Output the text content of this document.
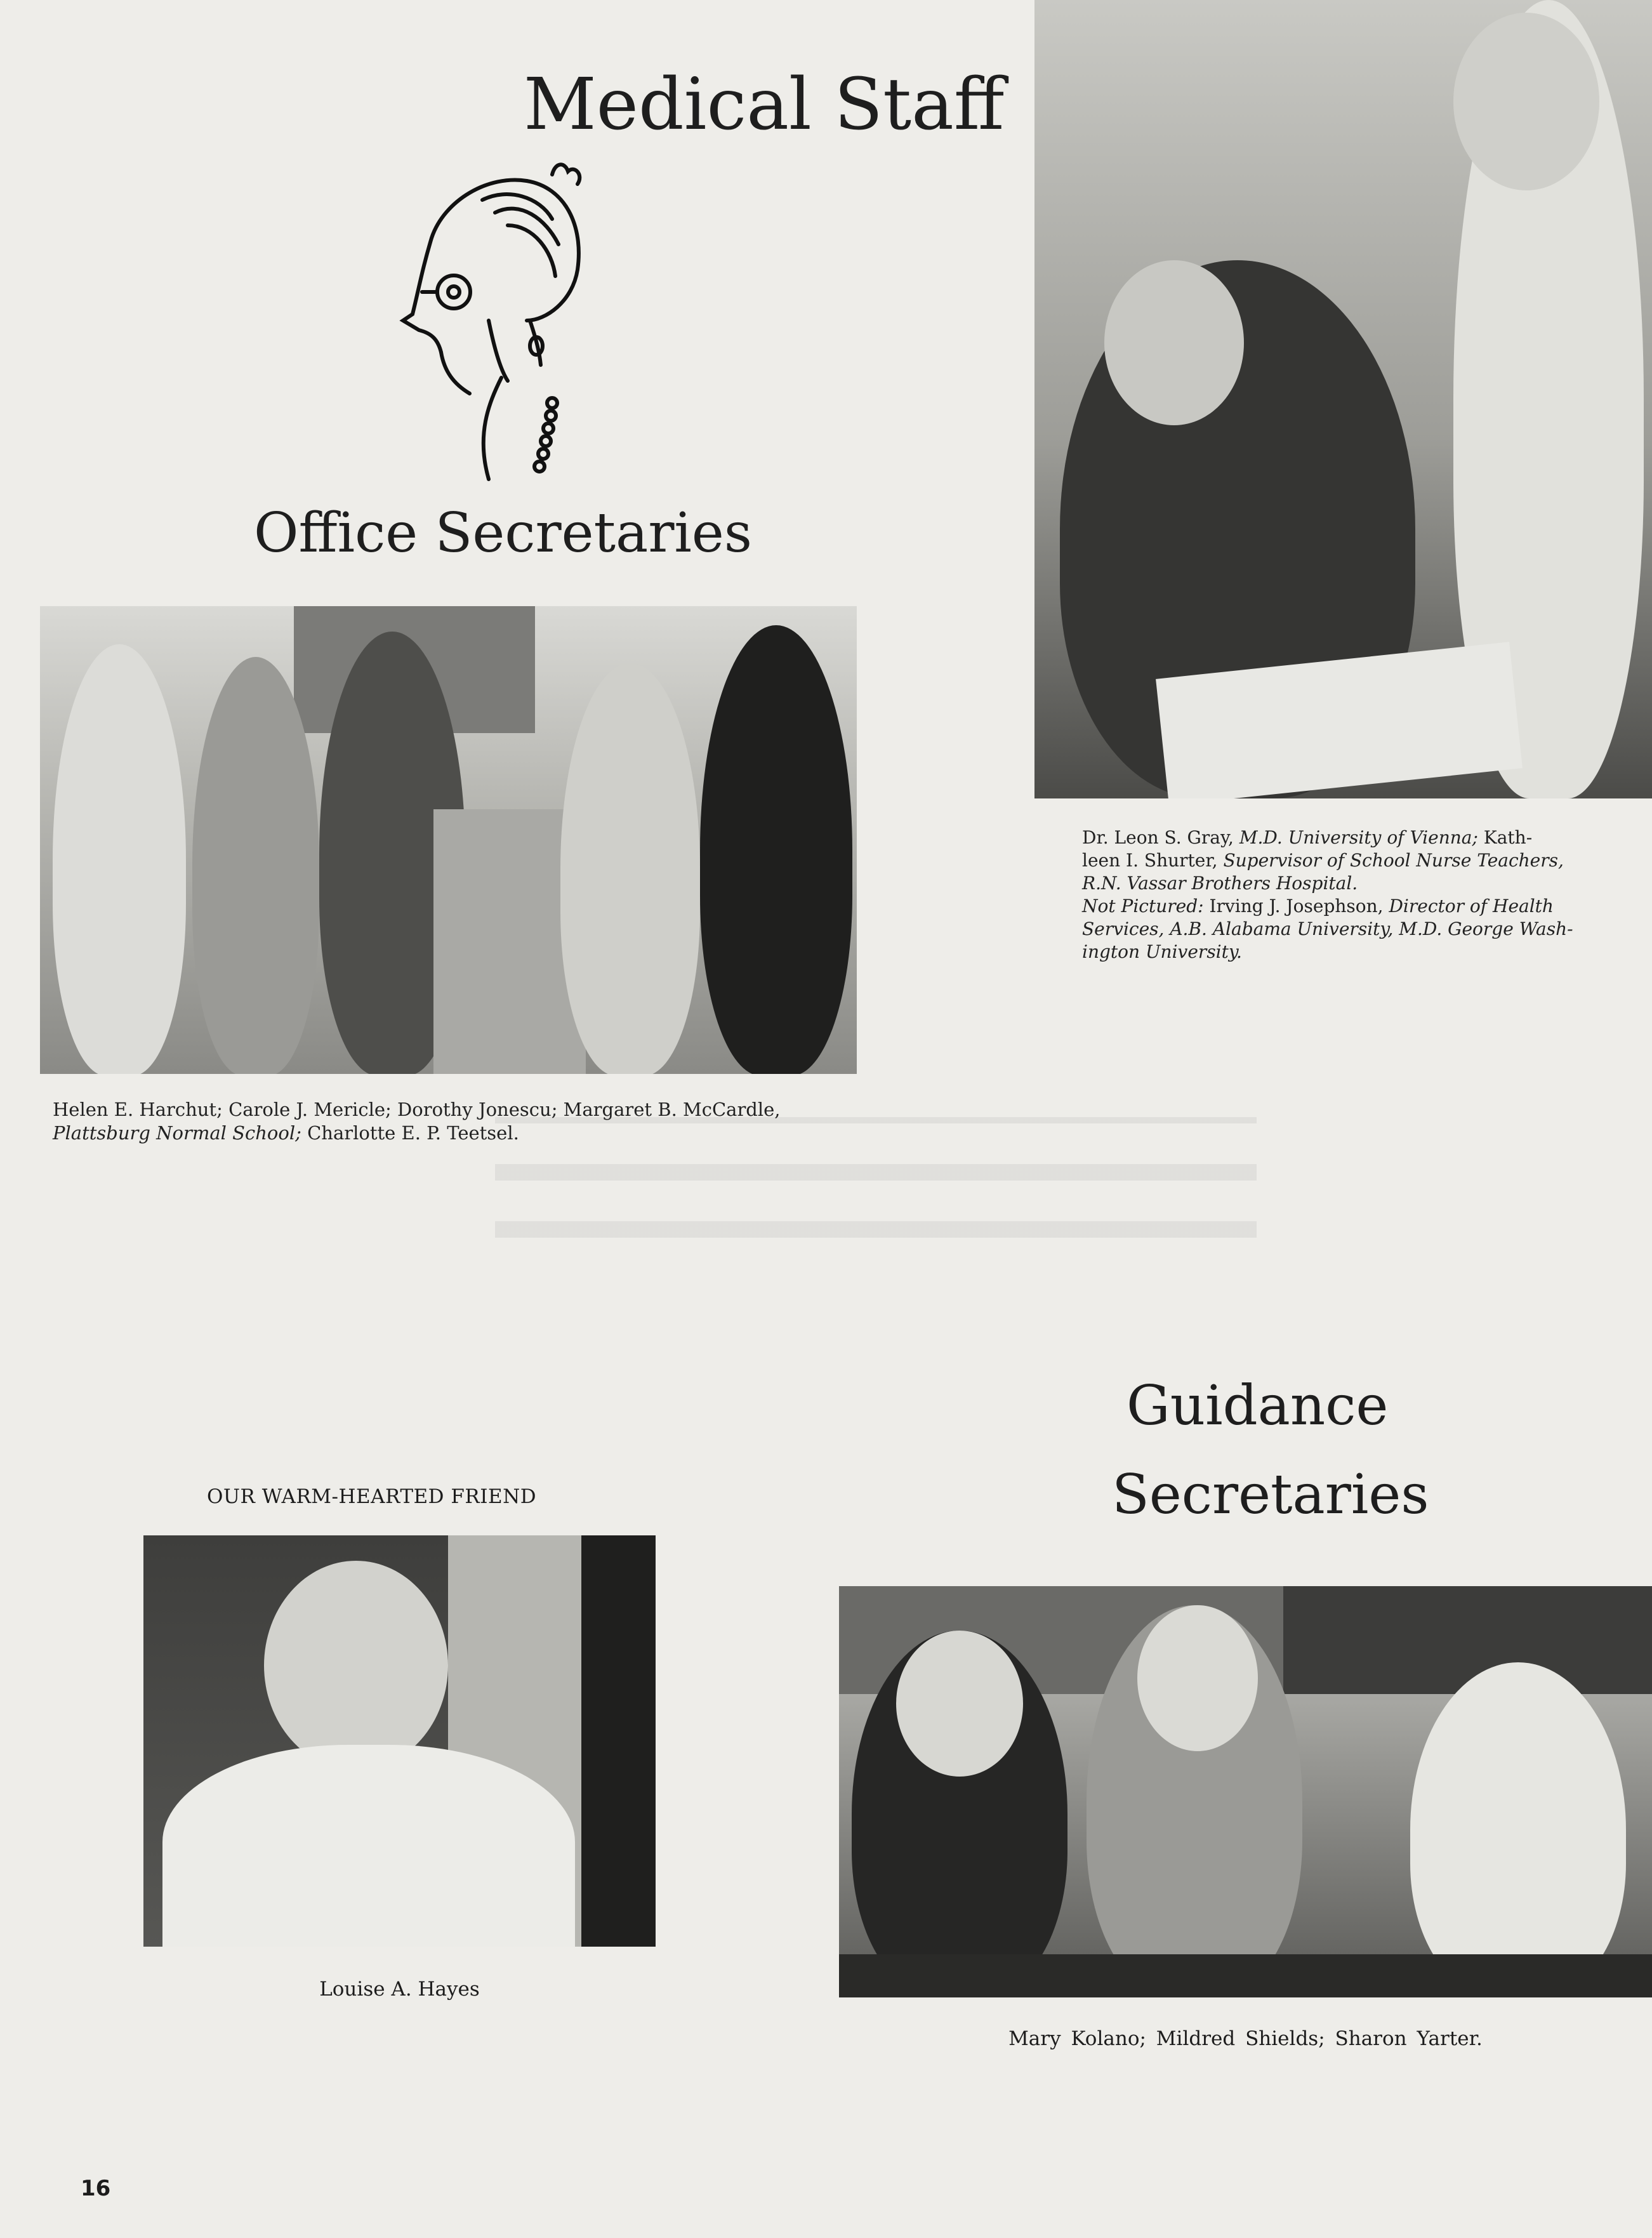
Medical Staff
Office Secretaries
Helen E. Harchut; Carole J. Mericle; Dorothy Jonescu; Margaret B. McCardle,
Plattsburg Normal School; Charlotte E. P. Teetsel.
Dr. Leon S. Gray, M.D. University of Vienna; Kath-
leen I. Shurter, Supervisor of School Nurse Teachers,
R.N. Vassar Brothers Hospital.
Not Pictured: Irving J. Josephson, Director of Health
Services, A.B. Alabama University, M.D. George Wash-
ington University.
Guidance
Secretaries
OUR WARM-HEARTED FRIEND
Louise A. Hayes
Mary Kolano; Mildred Shields; Sharon Yarter.
16
